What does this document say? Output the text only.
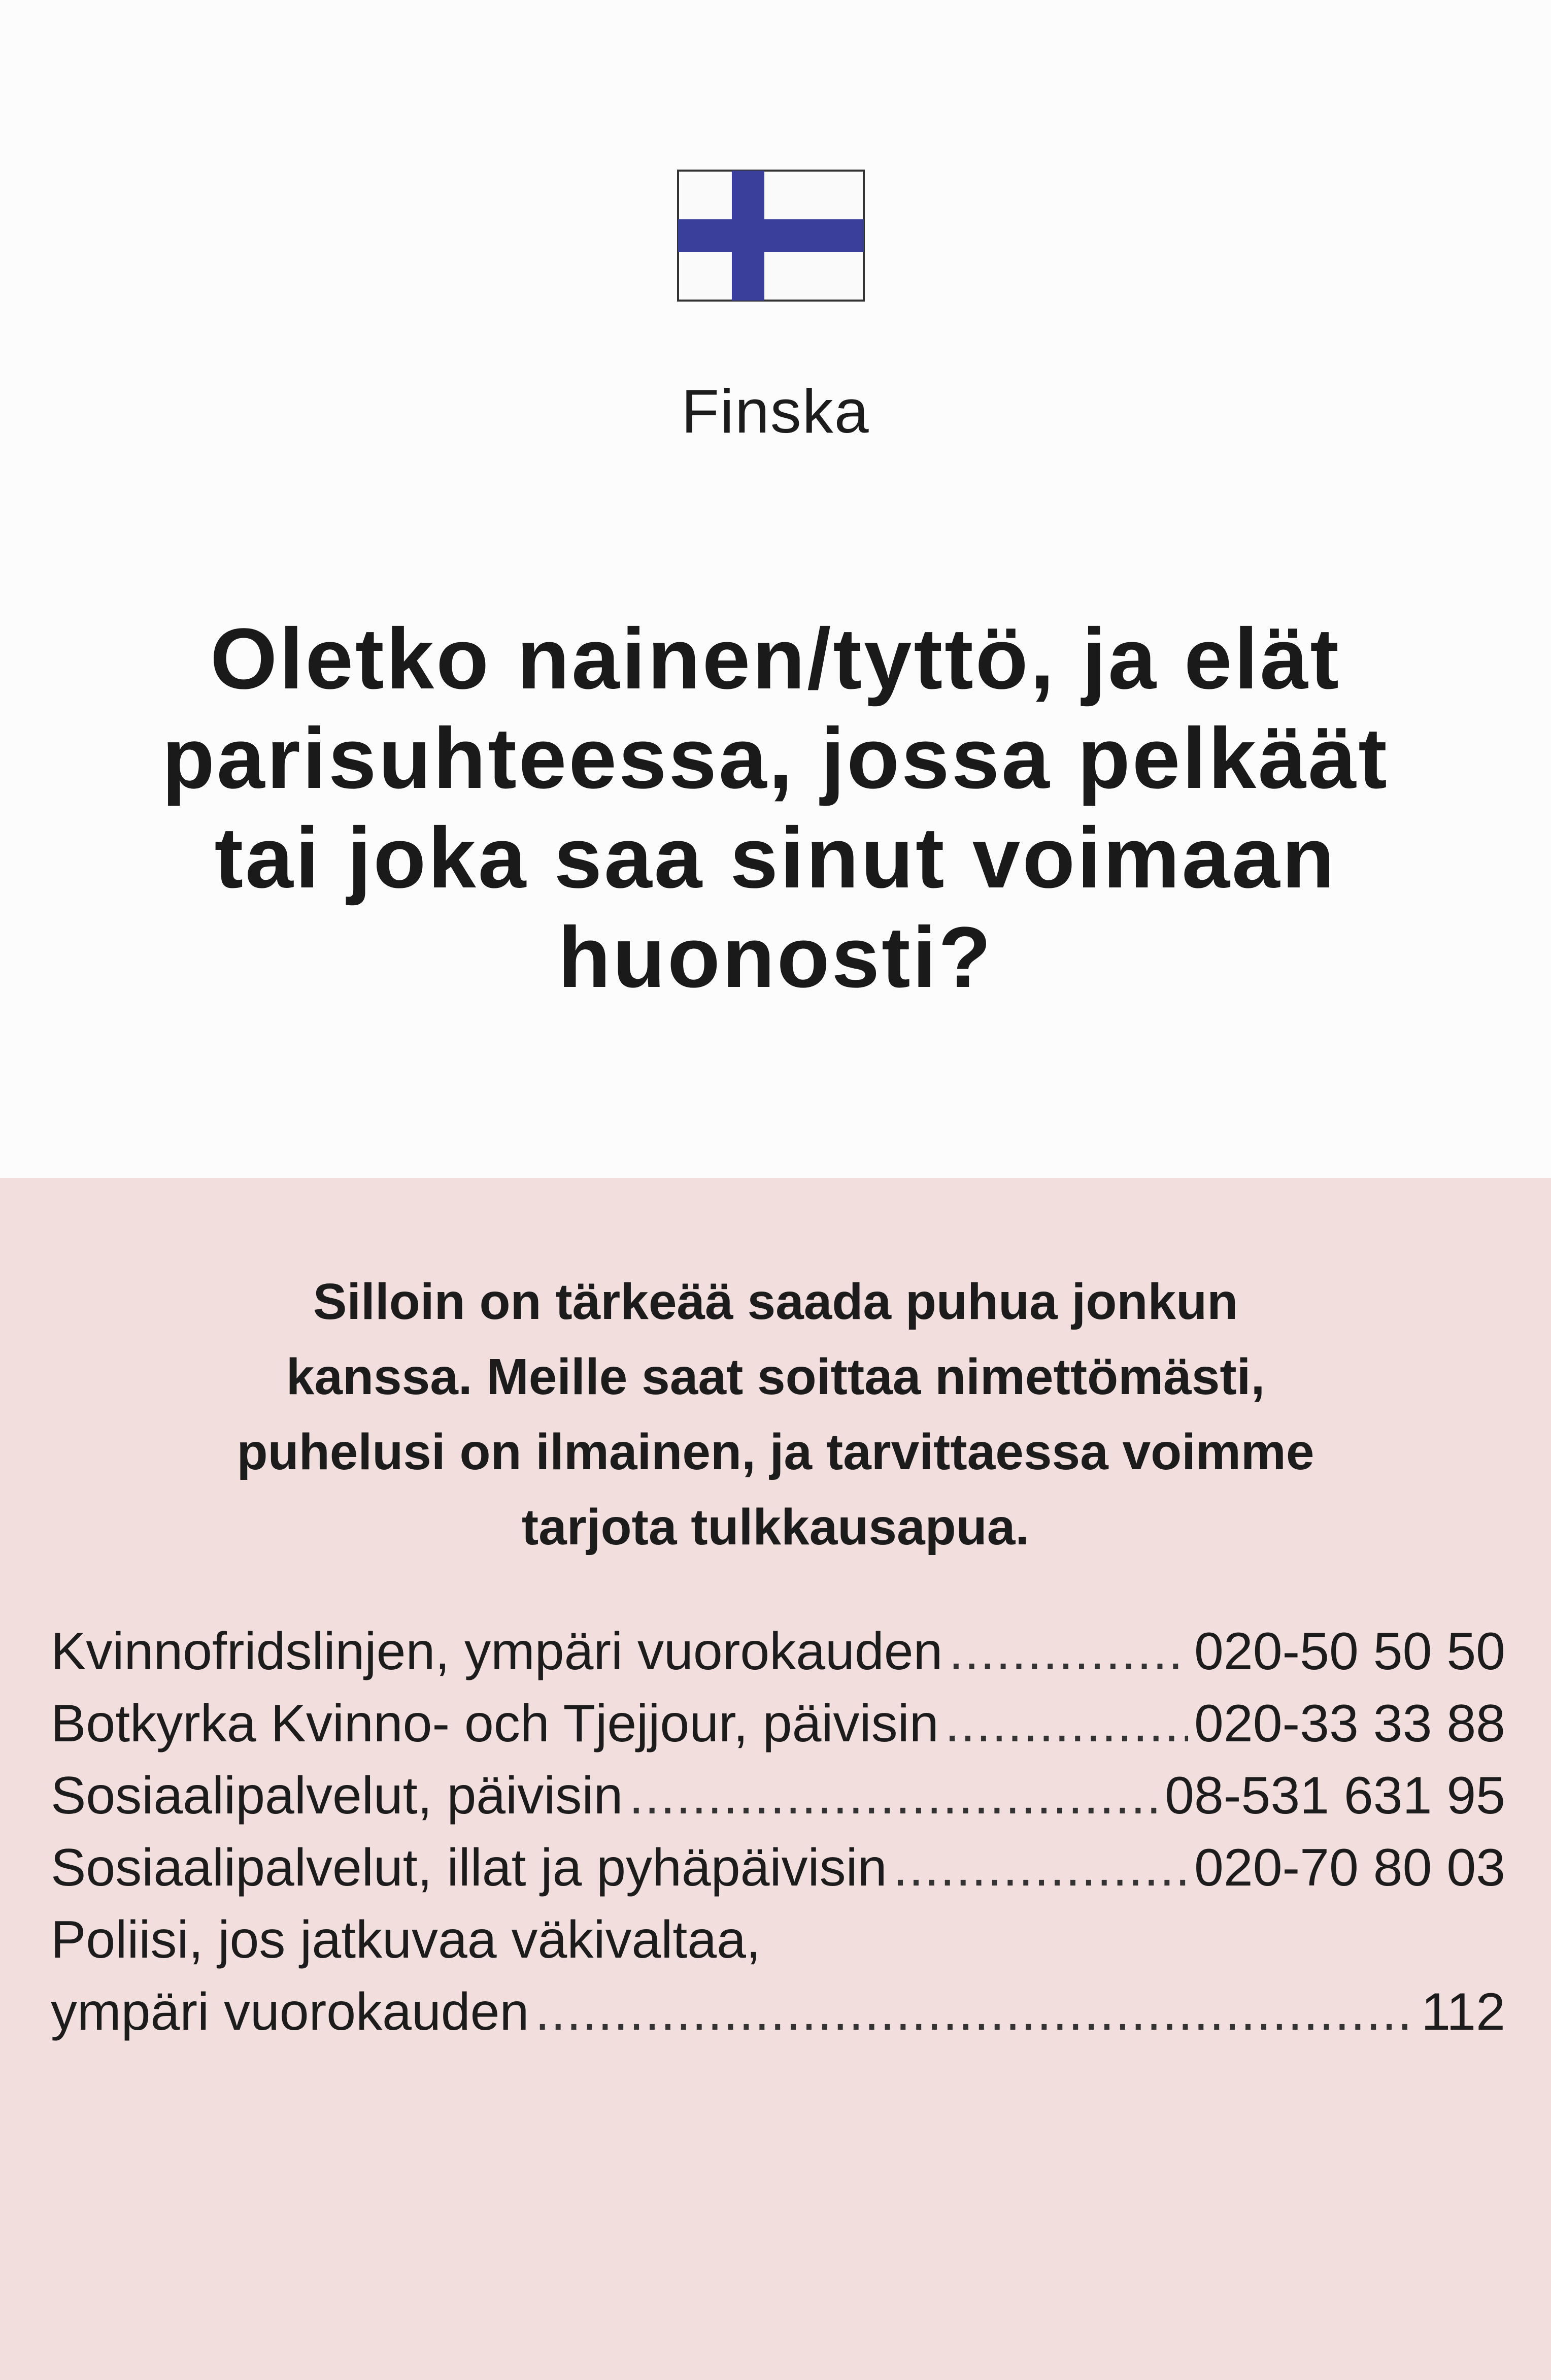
Finska
Oletko nainen/tyttö, ja elät
parisuhteessa, jossa pelkäät
tai joka saa sinut voimaan
huonosti?
Silloin on tärkeää saada puhua jonkun
kanssa. Meille saat soittaa nimettömästi,
puhelusi on ilmainen, ja tarvittaessa voimme
tarjota tulkkausapua.
Kvinnofridslinjen, ympäri vuorokauden .....	020-50 50 50
Botkyrka Kvinno- och Tjejjour, päivisin .....	020-33 33 88
Sosiaalipalvelut, päivisin .....	08-531 631 95
Sosiaalipalvelut, illat ja pyhäpäivisin .....	020-70 80 03
Poliisi, jos jatkuvaa väkivaltaa,
ympäri vuorokauden .....	112
